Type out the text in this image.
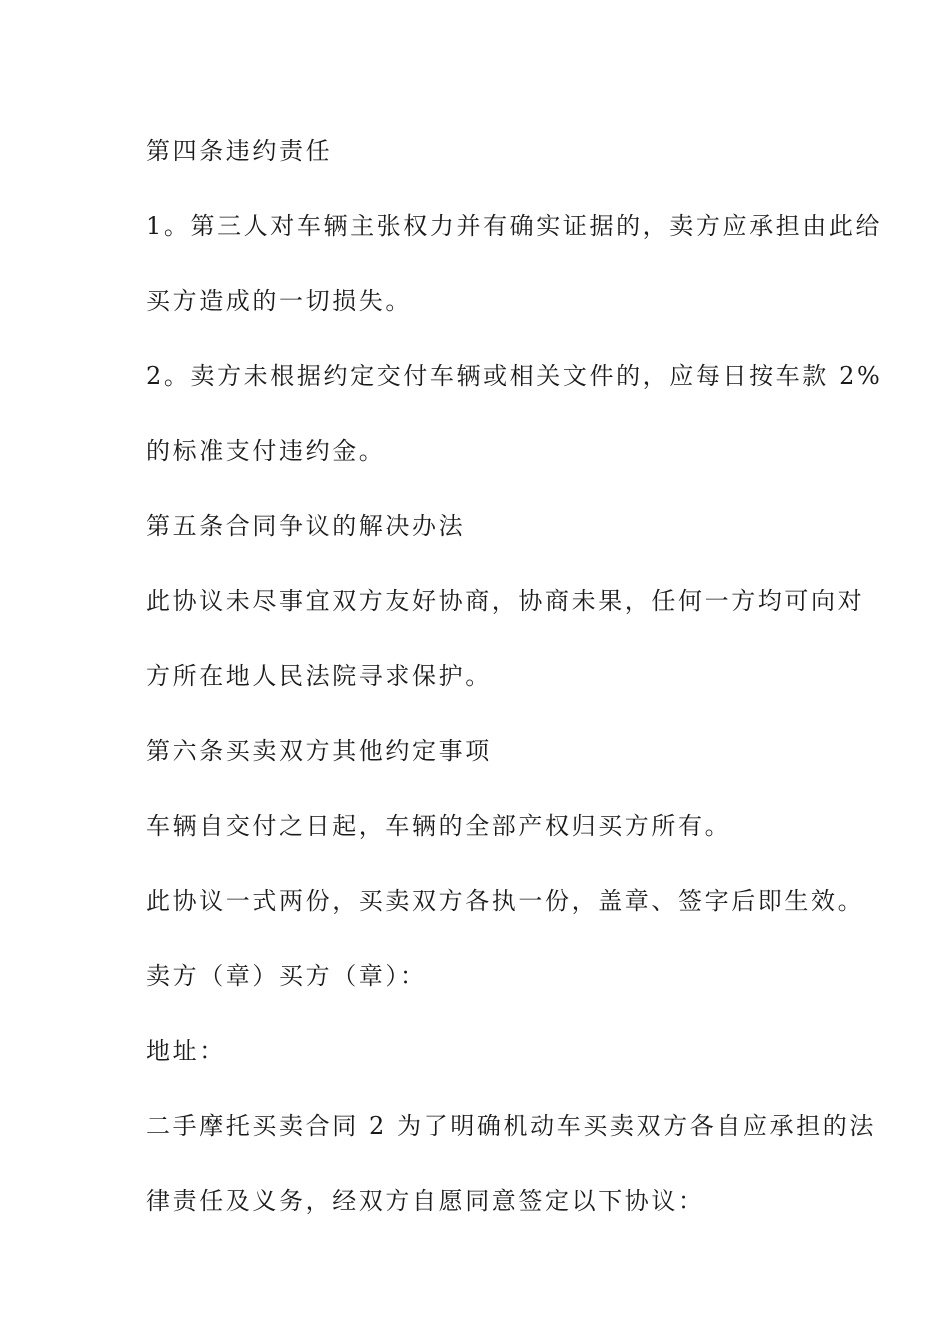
第四条违约责任
1。第三人对车辆主张权力并有确实证据的，卖方应承担由此给
买方造成的一切损失。
2。卖方未根据约定交付车辆或相关文件的，应每日按车款 2%
的标准支付违约金。
第五条合同争议的解决办法
此协议未尽事宜双方友好协商，协商未果，任何一方均可向对
方所在地人民法院寻求保护。
第六条买卖双方其他约定事项
车辆自交付之日起，车辆的全部产权归买方所有。
此协议一式两份，买卖双方各执一份，盖章、签字后即生效。
卖方（章）买方（章）：
地址：
二手摩托买卖合同 2 为了明确机动车买卖双方各自应承担的法
律责任及义务，经双方自愿同意签定以下协议：
